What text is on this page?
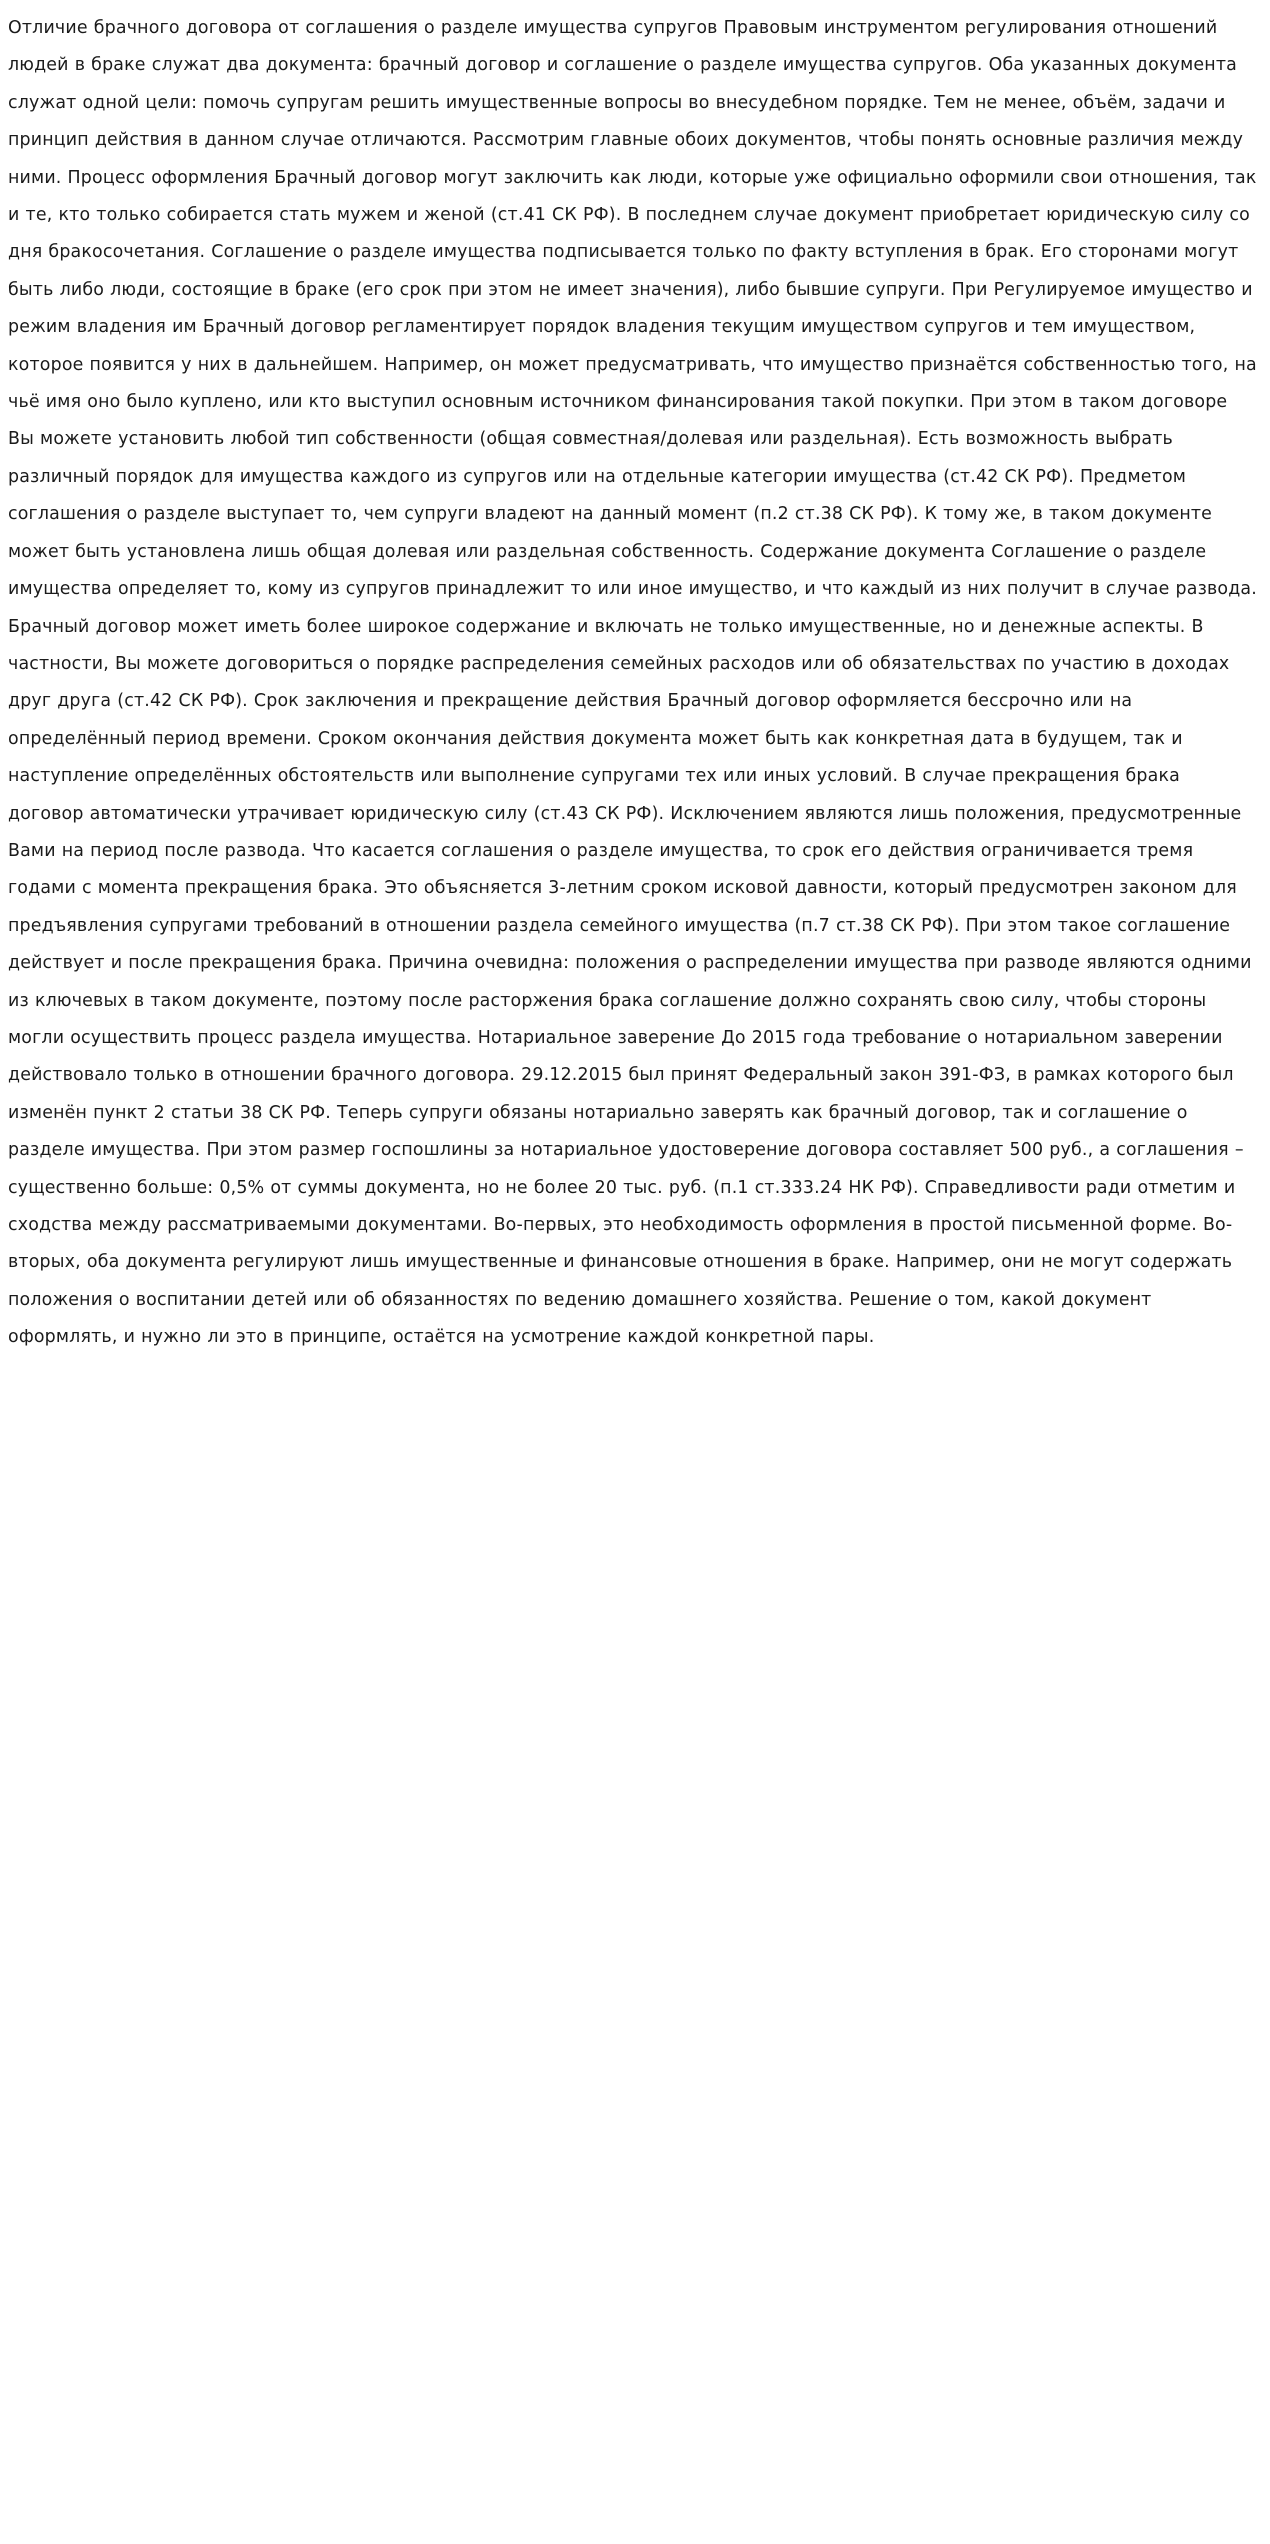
Отличие брачного договора от соглашения о разделе имущества супругов Правовым инструментом регулирования отношений людей в браке служат два документа: брачный договор и соглашение о разделе имущества супругов. Оба указанных документа служат одной цели: помочь супругам решить имущественные вопросы во внесудебном порядке. Тем не менее, объём, задачи и принцип действия в данном случае отличаются. Рассмотрим главные обоих документов, чтобы понять основные различия между ними. Процесс оформления Брачный договор могут заключить как люди, которые уже официально оформили свои отношения, так и те, кто только собирается стать мужем и женой (ст.41 СК РФ). В последнем случае документ приобретает юридическую силу со дня бракосочетания. Соглашение о разделе имущества подписывается только по факту вступления в брак. Его сторонами могут быть либо люди, состоящие в браке (его срок при этом не имеет значения), либо бывшие супруги. При Регулируемое имущество и режим владения им Брачный договор регламентирует порядок владения текущим имуществом супругов и тем имуществом, которое появится у них в дальнейшем. Например, он может предусматривать, что имущество признаётся собственностью того, на чьё имя оно было куплено, или кто выступил основным источником финансирования такой покупки. При этом в таком договоре Вы можете установить любой тип собственности (общая совместная/долевая или раздельная). Есть возможность выбрать различный порядок для имущества каждого из супругов или на отдельные категории имущества (ст.42 СК РФ). Предметом соглашения о разделе выступает то, чем супруги владеют на данный момент (п.2 ст.38 СК РФ). К тому же, в таком документе может быть установлена лишь общая долевая или раздельная собственность. Содержание документа Соглашение о разделе имущества определяет то, кому из супругов принадлежит то или иное имущество, и что каждый из них получит в случае развода. Брачный договор может иметь более широкое содержание и включать не только имущественные, но и денежные аспекты. В частности, Вы можете договориться о порядке распределения семейных расходов или об обязательствах по участию в доходах друг друга (ст.42 СК РФ). Срок заключения и прекращение действия Брачный договор оформляется бессрочно или на определённый период времени. Сроком окончания действия документа может быть как конкретная дата в будущем, так и наступление определённых обстоятельств или выполнение супругами тех или иных условий. В случае прекращения брака договор автоматически утрачивает юридическую силу (ст.43 СК РФ). Исключением являются лишь положения, предусмотренные Вами на период после развода. Что касается соглашения о разделе имущества, то срок его действия ограничивается тремя годами с момента прекращения брака. Это объясняется 3-летним сроком исковой давности, который предусмотрен законом для предъявления супругами требований в отношении раздела семейного имущества (п.7 ст.38 СК РФ). При этом такое соглашение действует и после прекращения брака. Причина очевидна: положения о распределении имущества при разводе являются одними из ключевых в таком документе, поэтому после расторжения брака соглашение должно сохранять свою силу, чтобы стороны могли осуществить процесс раздела имущества. Нотариальное заверение До 2015 года требование о нотариальном заверении действовало только в отношении брачного договора. 29.12.2015 был принят Федеральный закон 391-ФЗ, в рамках которого был изменён пункт 2 статьи 38 СК РФ. Теперь супруги обязаны нотариально заверять как брачный договор, так и соглашение о разделе имущества. При этом размер госпошлины за нотариальное удостоверение договора составляет 500 руб., а соглашения – существенно больше: 0,5% от суммы документа, но не более 20 тыс. руб. (п.1 ст.333.24 НК РФ). Справедливости ради отметим и сходства между рассматриваемыми документами. Во-первых, это необходимость оформления в простой письменной форме. Во-вторых, оба документа регулируют лишь имущественные и финансовые отношения в браке. Например, они не могут содержать положения о воспитании детей или об обязанностях по ведению домашнего хозяйства. Решение о том, какой документ оформлять, и нужно ли это в принципе, остаётся на усмотрение каждой конкретной пары.
